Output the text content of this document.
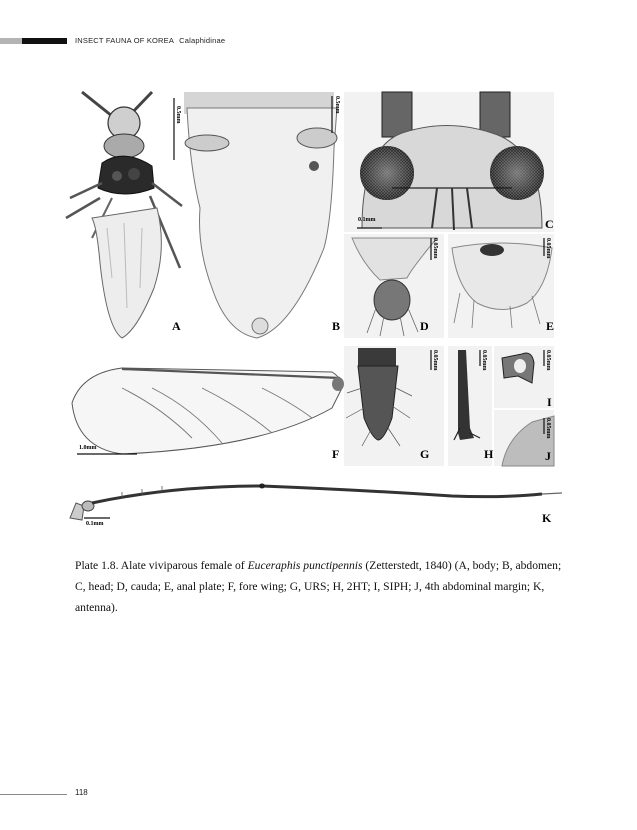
INSECT FAUNA OF KOREA Calaphidinae
0.5mm
A
0.5mm
B
0.1mm	C
0.05mm
D
0.05mm
E
1.0mm	F
0.05mm
G
0.05mm
H
0.05mm
I
0.05mm
J
0.1mm	K
Plate 1.8. Alate viviparous female of Euceraphis punctipennis (Zetterstedt, 1840) (A, body; B, abdomen; C, head; D, cauda; E, anal plate; F, fore wing; G, URS; H, 2HT; I, SIPH; J, 4th abdominal margin; K, antenna).
118
